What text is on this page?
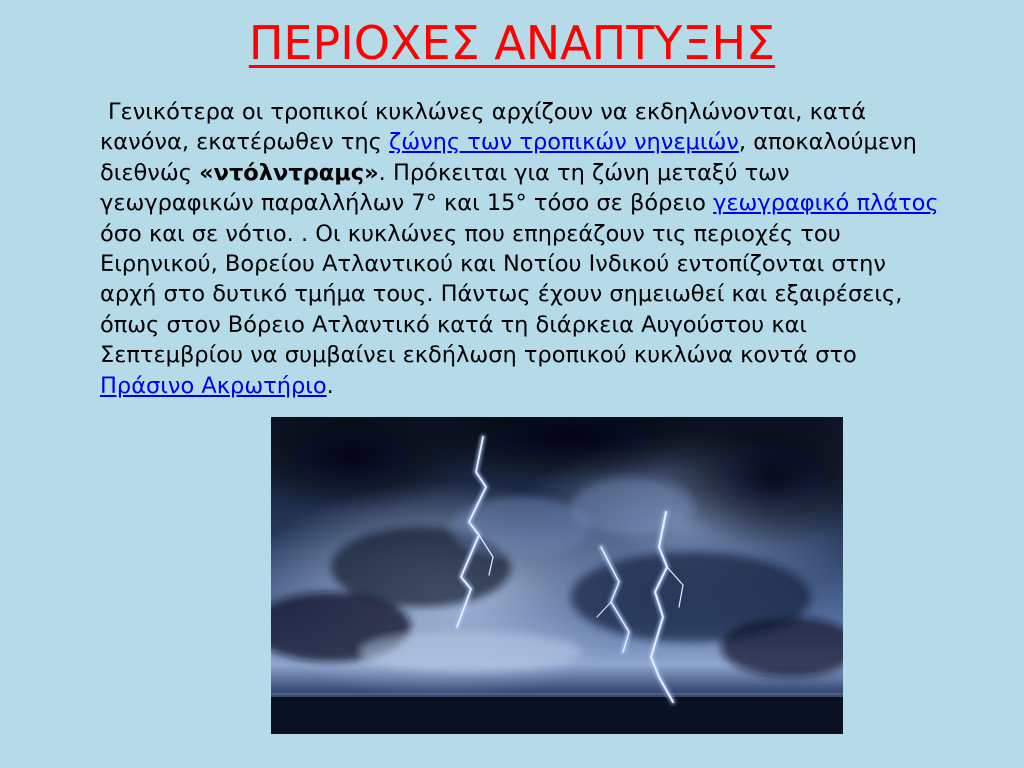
ΠΕΡΙΟΧΕΣ ΑΝΑΠΤΥΞΗΣ

Γενικότερα οι τροπικοί κυκλώνες αρχίζουν να εκδηλώνονται, κατά κανόνα, εκατέρωθεν της ζώνης των τροπικών νηνεμιών, αποκαλούμενη διεθνώς «ντόλντραμς». Πρόκειται για τη ζώνη μεταξύ των γεωγραφικών παραλλήλων 7° και 15° τόσο σε βόρειο γεωγραφικό πλάτος όσο και σε νότιο. . Οι κυκλώνες που επηρεάζουν τις περιοχές του Ειρηνικού, Βορείου Ατλαντικού και Νοτίου Ινδικού εντοπίζονται στην αρχή στο δυτικό τμήμα τους. Πάντως έχουν σημειωθεί και εξαιρέσεις, όπως στον Βόρειο Ατλαντικό κατά τη διάρκεια Αυγούστου και Σεπτεμβρίου να συμβαίνει εκδήλωση τροπικού κυκλώνα κοντά στο Πράσινο Ακρωτήριο.
